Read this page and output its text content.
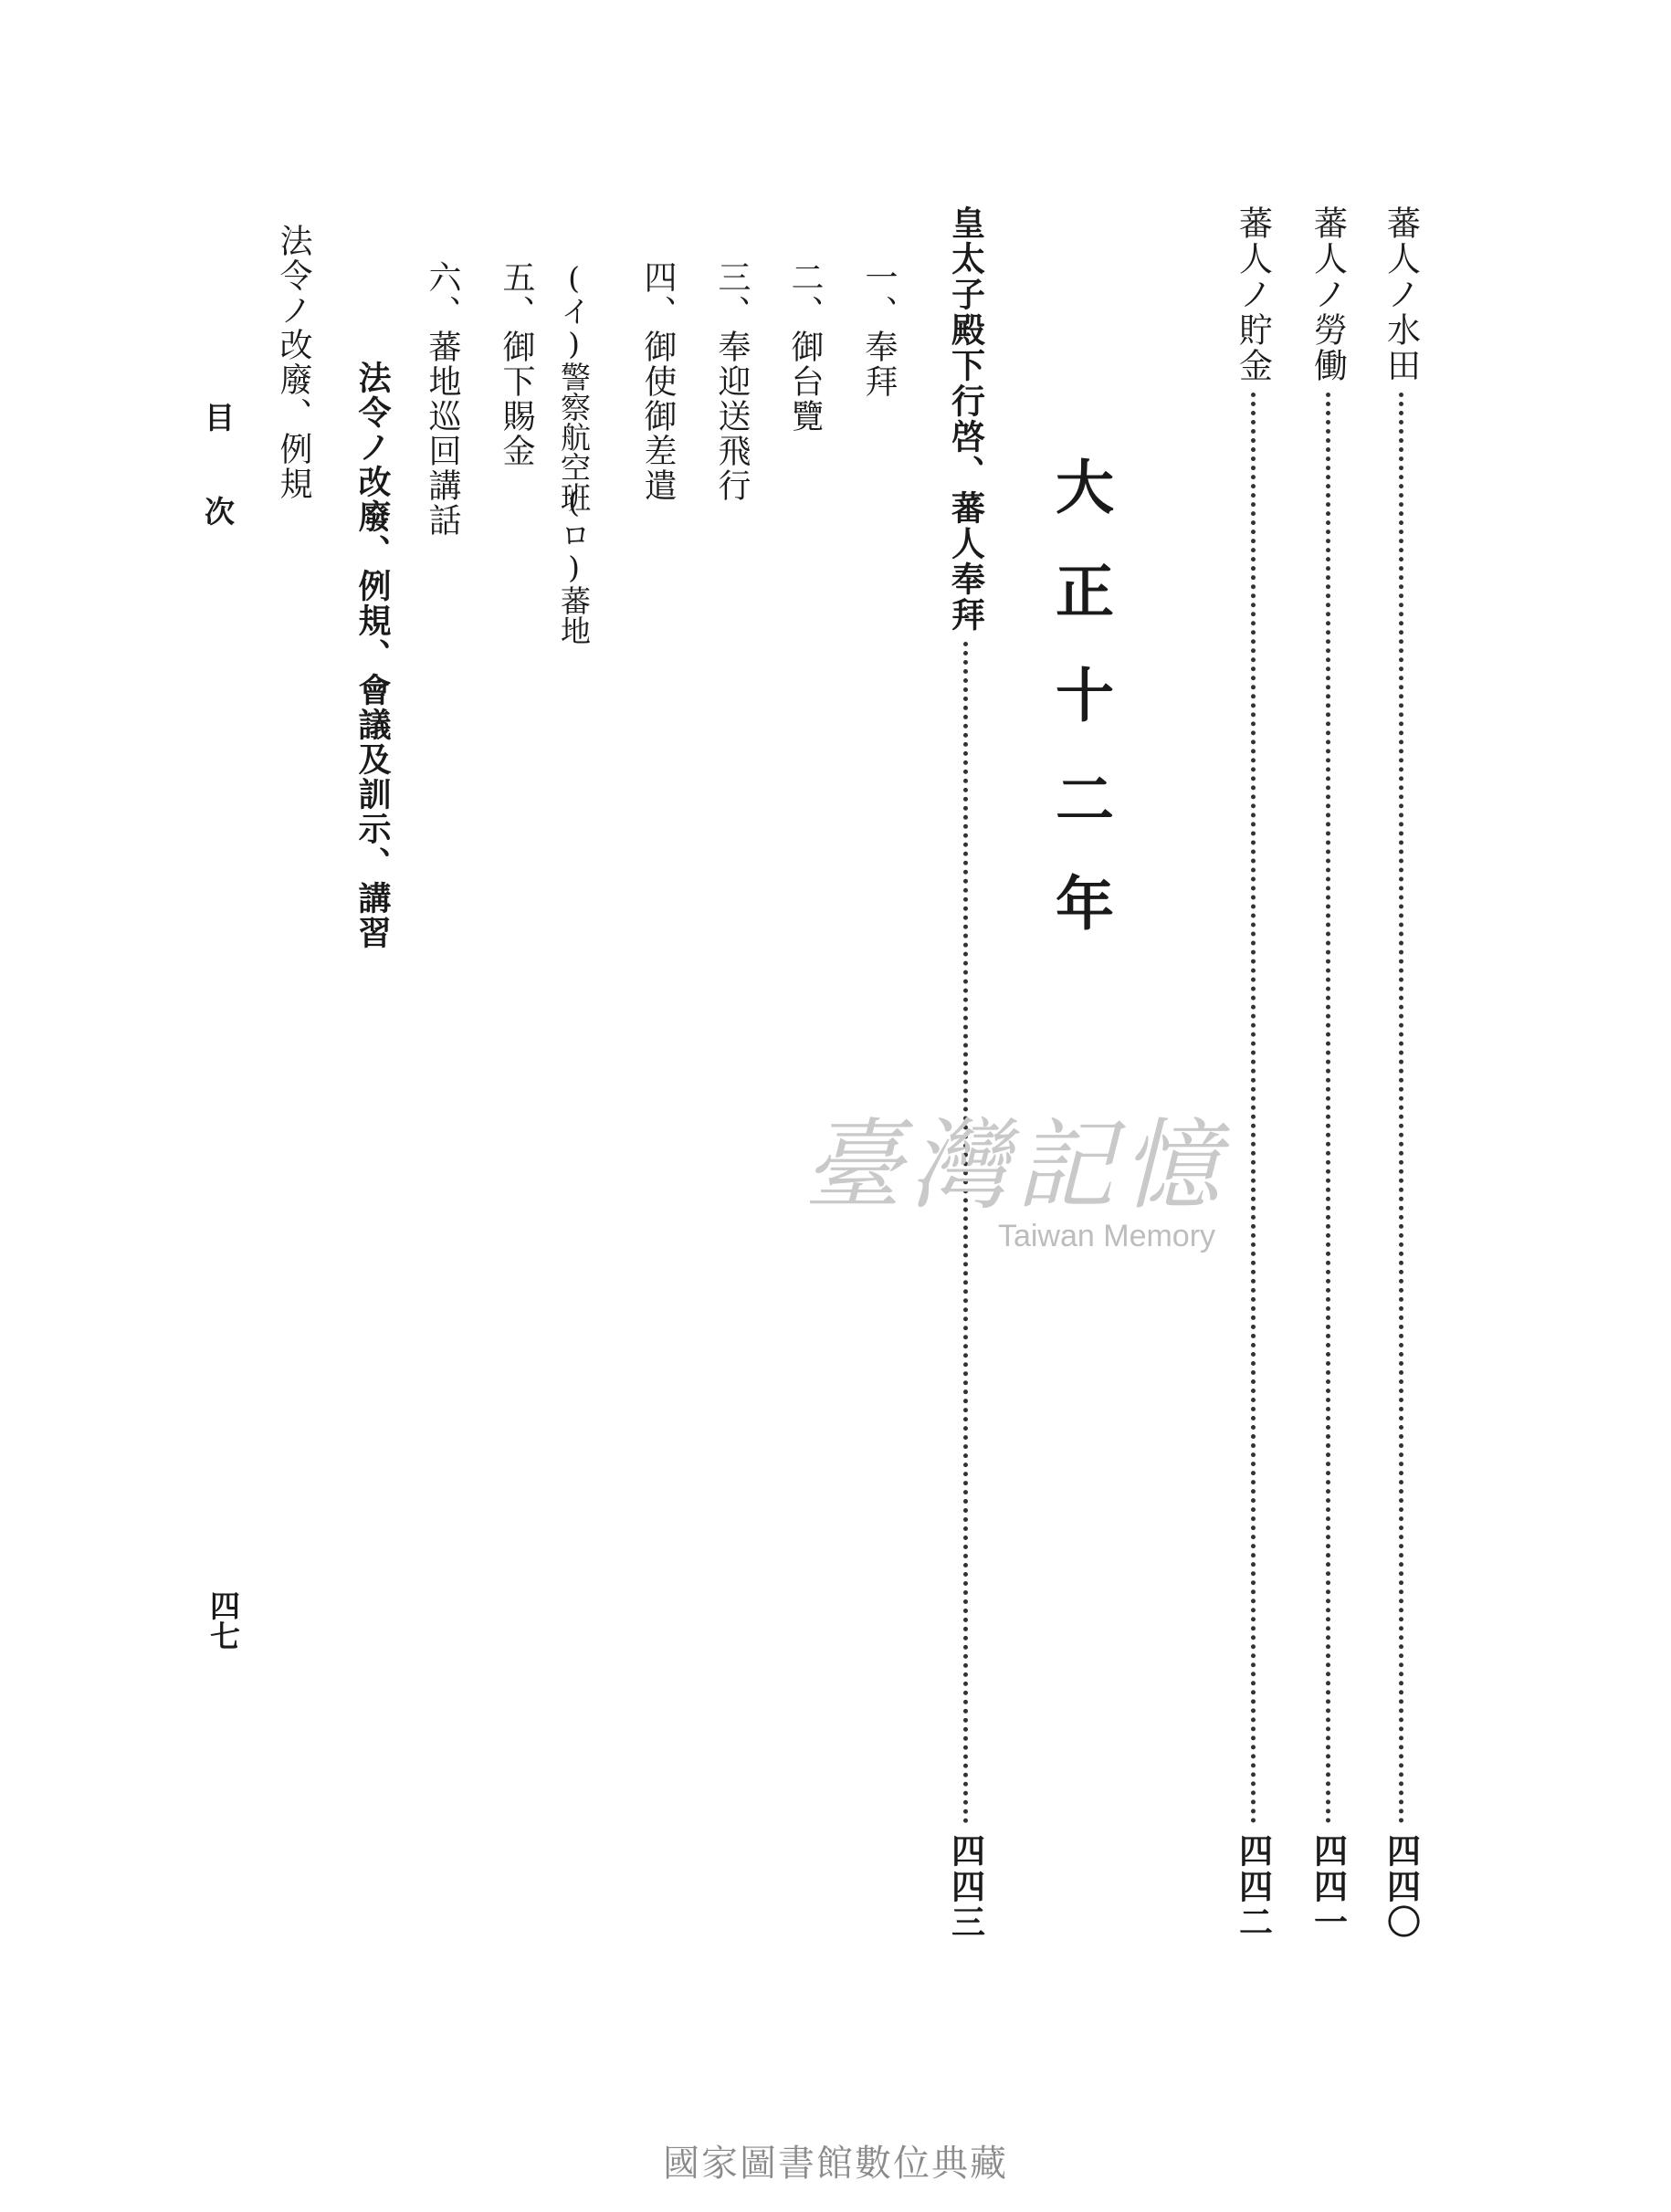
蕃人ノ水田
四四〇
蕃人ノ勞働
四四一
蕃人ノ貯金
四四二
大正十二年
皇太子殿下行啓、蕃人奉拜
四四三
一、奉拜
二、御台覽
三、奉迎送飛行
四、御使御差遣
(イ)警察航空班
(ロ)蕃地
五、御下賜金
六、蕃地巡回講話
法令ノ改廢、例規、會議及訓示、講習
法令ノ改廢、例規
目次
四七
臺灣記憶
Taiwan Memory
國家圖書館數位典藏
